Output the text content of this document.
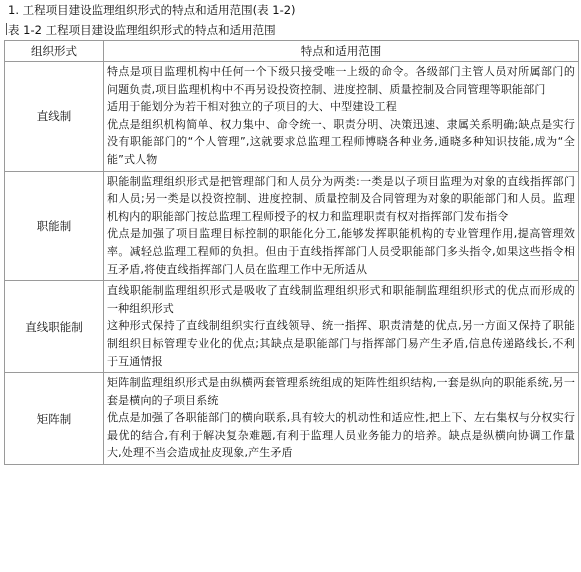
1. 工程项目建设监理组织形式的特点和适用范围(表 1-2)
表 1-2 工程项目建设监理组织形式的特点和适用范围
组织形式	特点和适用范围
直线制	特点是项目监理机构中任何一个下级只接受唯一上级的命令。各级部门主管人员对所属部门的问题负责,项目监理机构中不再另设投资控制、进度控制、质量控制及合同管理等职能部门

适用于能划分为若干相对独立的子项目的大、中型建设工程

优点是组织机构简单、权力集中、命令统一、职责分明、决策迅速、隶属关系明确;缺点是实行没有职能部门的“个人管理”,这就要求总监理工程师博晓各种业务,通晓多种知识技能,成为“全能”式人物

职能制	职能制监理组织形式是把管理部门和人员分为两类:一类是以子项目监理为对象的直线指挥部门和人员;另一类是以投资控制、进度控制、质量控制及合同管理为对象的职能部门和人员。监理机构内的职能部门按总监理工程师授予的权力和监理职责有权对指挥部门发布指令

优点是加强了项目监理目标控制的职能化分工,能够发挥职能机构的专业管理作用,提高管理效率。减轻总监理工程师的负担。但由于直线指挥部门人员受职能部门多头指令,如果这些指令相互矛盾,将使直线指挥部门人员在监理工作中无所适从

直线职能制	直线职能制监理组织形式是吸收了直线制监理组织形式和职能制监理组织形式的优点而形成的一种组织形式

这种形式保持了直线制组织实行直线领导、统一指挥、职责清楚的优点,另一方面又保持了职能制组织目标管理专业化的优点;其缺点是职能部门与指挥部门易产生矛盾,信息传递路线长,不利于互通情报

矩阵制	矩阵制监理组织形式是由纵横两套管理系统组成的矩阵性组织结构,一套是纵向的职能系统,另一套是横向的子项目系统

优点是加强了各职能部门的横向联系,具有较大的机动性和适应性,把上下、左右集权与分权实行最优的结合,有利于解决复杂难题,有利于监理人员业务能力的培养。缺点是纵横向协调工作量大,处理不当会造成扯皮现象,产生矛盾
